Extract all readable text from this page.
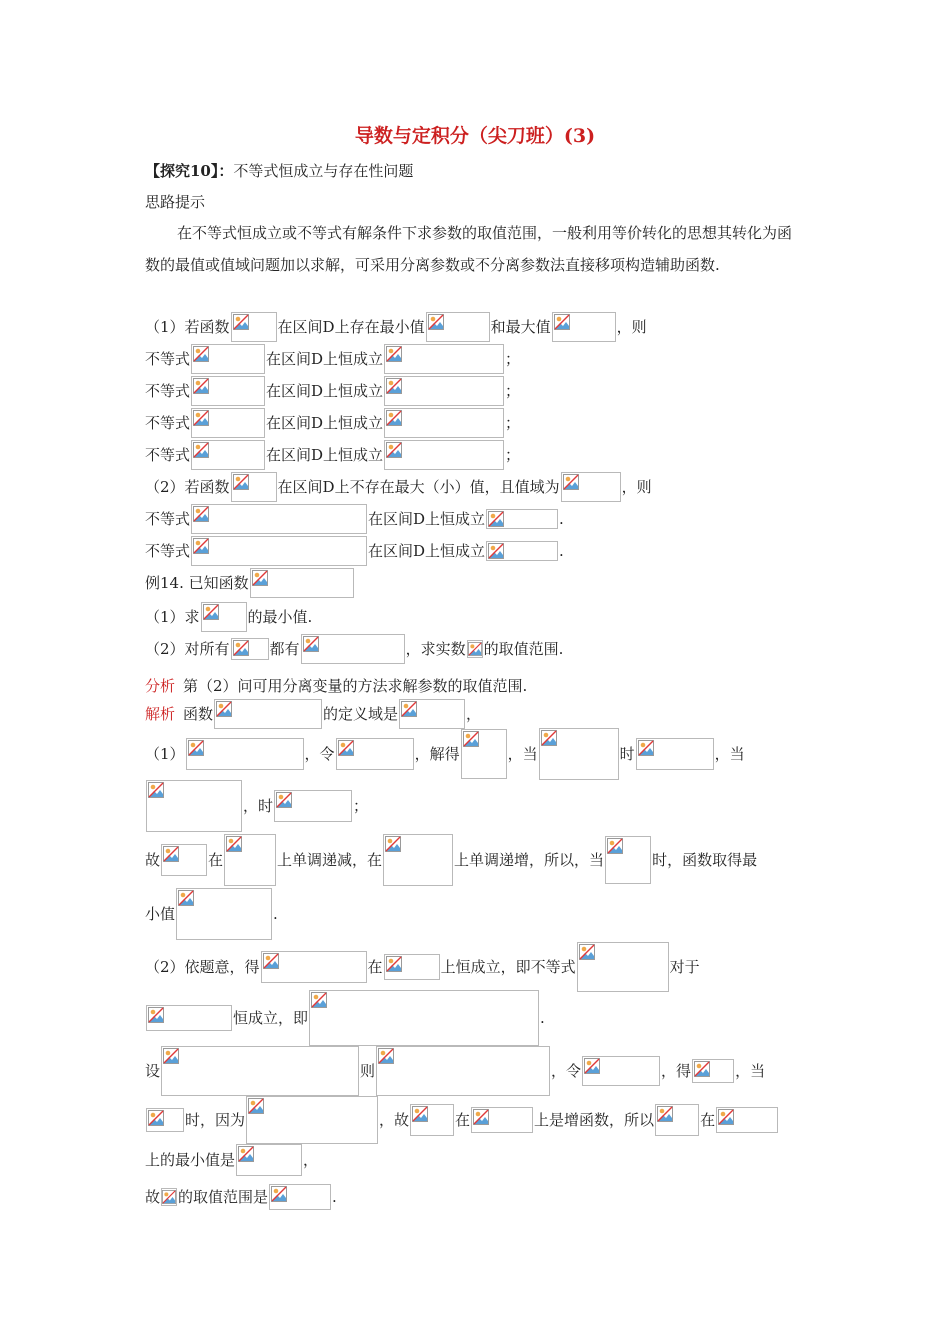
导数与定积分（尖刀班）(3)
【探究10】：不等式恒成立与存在性问题
思路提示
在不等式恒成立或不等式有解条件下求参数的取值范围，一般利用等价转化的思想其转化为函数的最值或值域问题加以求解，可采用分离参数或不分离参数法直接移项构造辅助函数.
（1）若函数	在区间D上存在最小值	和最大值	，则
不等式	在区间D上恒成立	；
不等式	在区间D上恒成立	；
不等式	在区间D上恒成立	；
不等式	在区间D上恒成立	；
（2）若函数	在区间D上不存在最大（小）值，且值域为	，则
不等式	在区间D上恒成立	.
不等式	在区间D上恒成立	.
例14. 已知函数
（1）求	的最小值.
（2）对所有	都有	，求实数 的取值范围.
分析 第（2）问可用分离变量的方法求解参数的取值范围.
解析 函数	的定义域是	，
（1）	，令	，解得	，当	时	，当
，时	；
故	在	上单调递减，在	上单调递增，所以，当	时，函数取得最
小值	.
（2）依题意，得	在	上恒成立，即不等式	对于
恒成立，即	.
设	则	，令	，得	，当
时，因为	，故	在	上是增函数，所以	在
上的最小值是	，
故 的取值范围是	.
